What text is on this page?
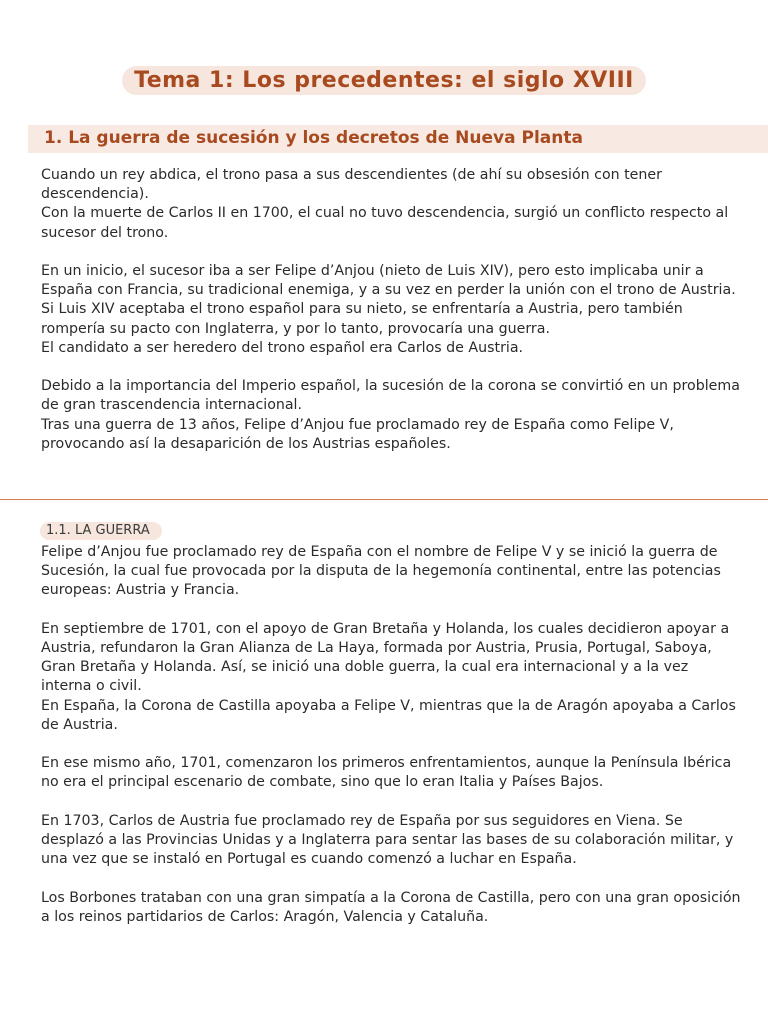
Tema 1: Los precedentes: el siglo XVIII
1. La guerra de sucesión y los decretos de Nueva Planta

Cuando un rey abdica, el trono pasa a sus descendientes (de ahí su obsesión con tener descendencia).
Con la muerte de Carlos II en 1700, el cual no tuvo descendencia, surgió un conflicto respecto al sucesor del trono.

En un inicio, el sucesor iba a ser Felipe d’Anjou (nieto de Luis XIV), pero esto implicaba unir a España con Francia, su tradicional enemiga, y a su vez en perder la unión con el trono de Austria. Si Luis XIV aceptaba el trono español para su nieto, se enfrentaría a Austria, pero también rompería su pacto con Inglaterra, y por lo tanto, provocaría una guerra.
El candidato a ser heredero del trono español era Carlos de Austria.

Debido a la importancia del Imperio español, la sucesión de la corona se convirtió en un problema de gran trascendencia internacional.
Tras una guerra de 13 años, Felipe d’Anjou fue proclamado rey de España como Felipe V, provocando así la desaparición de los Austrias españoles.

1.1. LA GUERRA

Felipe d’Anjou fue proclamado rey de España con el nombre de Felipe V y se inició la guerra de Sucesión, la cual fue provocada por la disputa de la hegemonía continental, entre las potencias europeas: Austria y Francia.

En septiembre de 1701, con el apoyo de Gran Bretaña y Holanda, los cuales decidieron apoyar a Austria, refundaron la Gran Alianza de La Haya, formada por Austria, Prusia, Portugal, Saboya, Gran Bretaña y Holanda. Así, se inició una doble guerra, la cual era internacional y a la vez interna o civil.
En España, la Corona de Castilla apoyaba a Felipe V, mientras que la de Aragón apoyaba a Carlos de Austria.

En ese mismo año, 1701, comenzaron los primeros enfrentamientos, aunque la Península Ibérica no era el principal escenario de combate, sino que lo eran Italia y Países Bajos.

En 1703, Carlos de Austria fue proclamado rey de España por sus seguidores en Viena. Se desplazó a las Provincias Unidas y a Inglaterra para sentar las bases de su colaboración militar, y una vez que se instaló en Portugal es cuando comenzó a luchar en España.

Los Borbones trataban con una gran simpatía a la Corona de Castilla, pero con una gran oposición a los reinos partidarios de Carlos: Aragón, Valencia y Cataluña.
